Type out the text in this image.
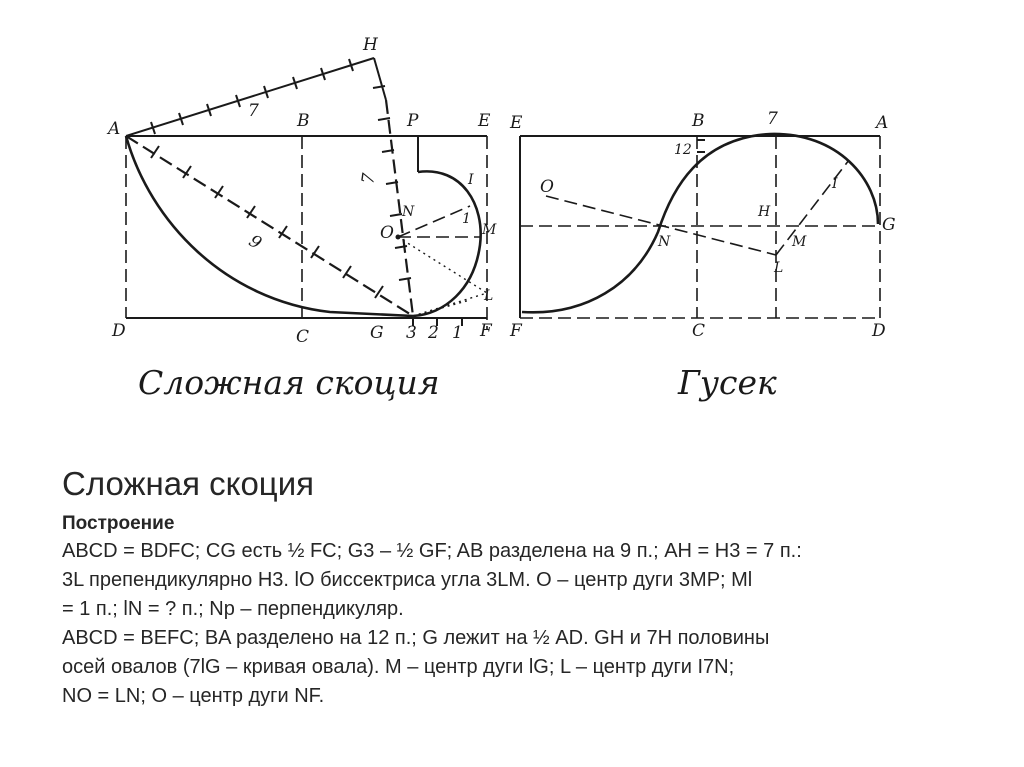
A	B	P	E
H
D	C	G	F
O
N
M
L
I
1
3 2 1
7
9
7
Сложная скоция
E	B	7	A
12
O
H
I
G
N	M
L
F	C	D
Гусек
Сложная скоция
Построение
ABCD = BDFC; CG есть ½ FC; G3 – ½ GF; AB разделена на 9 п.; AH = H3 = 7 п.:
3L препендикулярно H3. lO биссектриса угла 3LM. O – центр дуги 3MP; Ml
= 1 п.; lN = ? п.; Np – перпендикуляр.
ABCD = BEFC; BA разделено на 12 п.; G лежит на ½ AD. GH и 7H половины
осей овалов (7lG – кривая овала). M – центр дуги lG; L – центр дуги I7N;
NO = LN; O – центр дуги NF.
